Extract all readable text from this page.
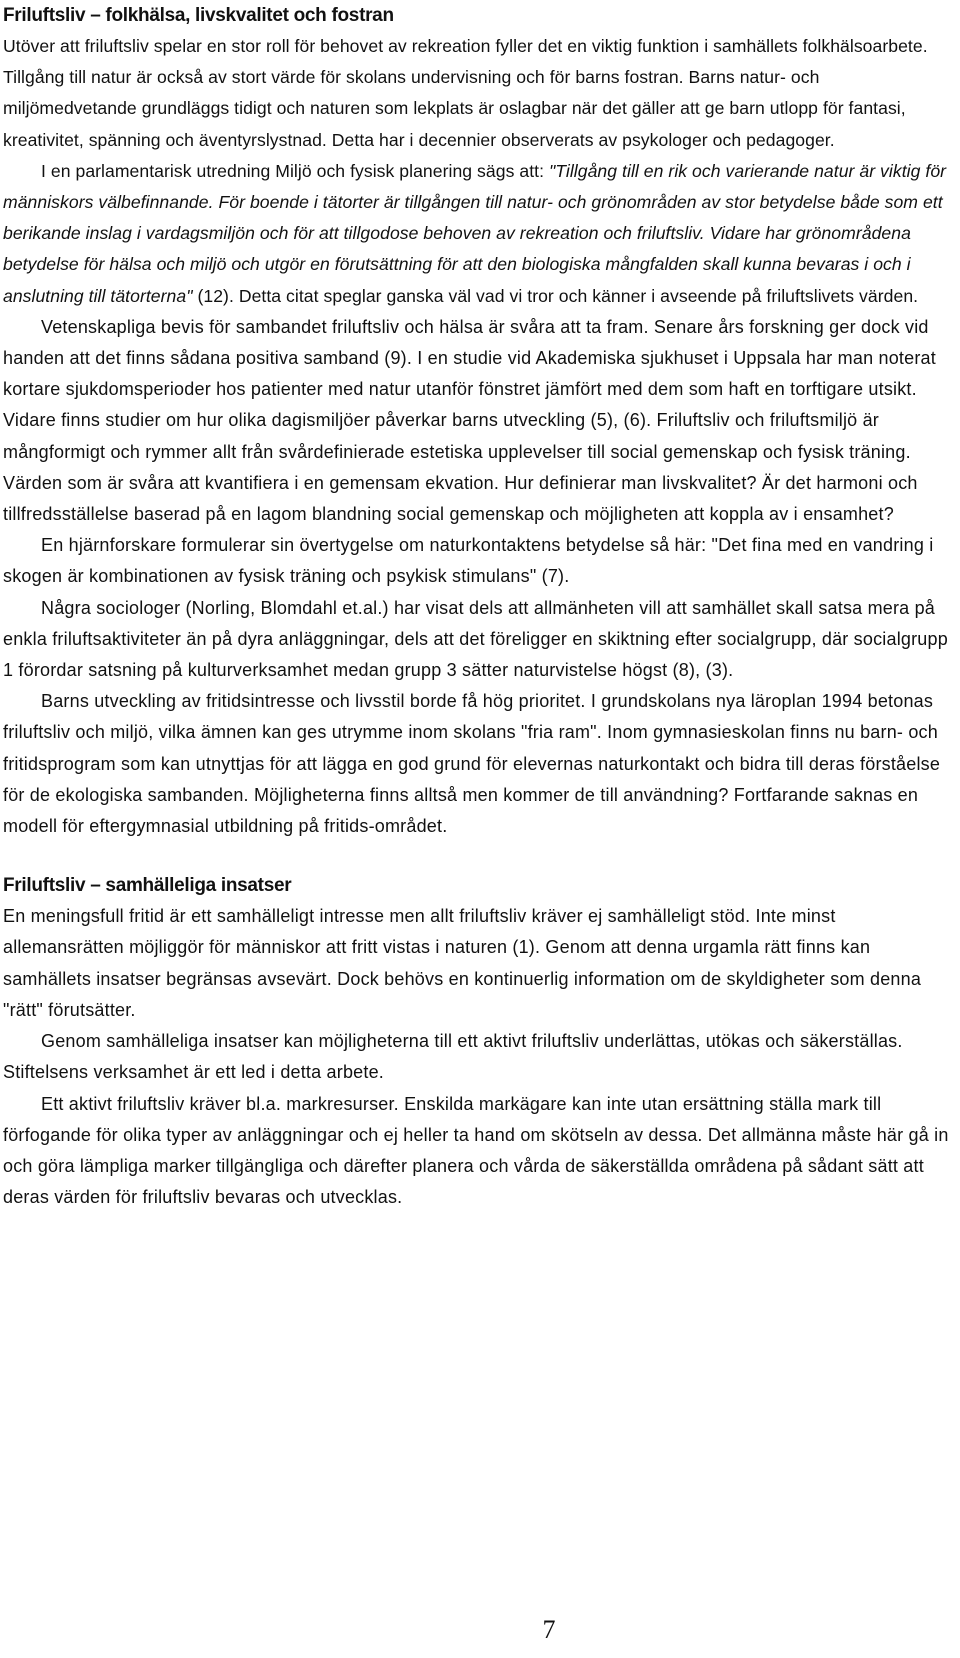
Friluftsliv – folkhälsa, livskvalitet och fostran

Utöver att friluftsliv spelar en stor roll för behovet av rekreation fyller det en viktig funktion i samhällets folkhälsoarbete. Tillgång till natur är också av stort värde för skolans undervisning och för barns fostran. Barns natur- och miljömedvetande grundläggs tidigt och naturen som lekplats är oslagbar när det gäller att ge barn utlopp för fantasi, kreativitet, spänning och äventyrslystnad. Detta har i decennier observerats av psykologer och pedagoger.

I en parlamentarisk utredning Miljö och fysisk planering sägs att: "Tillgång till en rik och varierande natur är viktig för människors välbefinnande. För boende i tätorter är tillgången till natur- och grönområden av stor betydelse både som ett berikande inslag i vardagsmiljön och för att tillgodose behoven av rekreation och friluftsliv. Vidare har grönområdena betydelse för hälsa och miljö och utgör en förutsättning för att den biologiska mångfalden skall kunna bevaras i och i anslutning till tätorterna" (12). Detta citat speglar ganska väl vad vi tror och känner i avseende på friluftslivets värden.

Vetenskapliga bevis för sambandet friluftsliv och hälsa är svåra att ta fram. Senare års forskning ger dock vid handen att det finns sådana positiva samband (9). I en studie vid Akademiska sjukhuset i Uppsala har man noterat kortare sjukdomsperioder hos patienter med natur utanför fönstret jämfört med dem som haft en torftigare utsikt. Vidare finns studier om hur olika dagismiljöer påverkar barns utveckling (5), (6). Friluftsliv och friluftsmiljö är mångformigt och rymmer allt från svårdefinierade estetiska upplevelser till social gemenskap och fysisk träning. Värden som är svåra att kvantifiera i en gemensam ekvation. Hur definierar man livskvalitet? Är det harmoni och tillfredsställelse baserad på en lagom blandning social gemenskap och möjligheten att koppla av i ensamhet?

En hjärnforskare formulerar sin övertygelse om naturkontaktens betydelse så här: "Det fina med en vandring i skogen är kombinationen av fysisk träning och psykisk stimulans" (7).

Några sociologer (Norling, Blomdahl et.al.) har visat dels att allmänheten vill att samhället skall satsa mera på enkla friluftsaktiviteter än på dyra anläggningar, dels att det föreligger en skiktning efter socialgrupp, där socialgrupp 1 förordar satsning på kulturverksamhet medan grupp 3 sätter naturvistelse högst (8), (3).

Barns utveckling av fritidsintresse och livsstil borde få hög prioritet. I grundskolans nya läroplan 1994 betonas friluftsliv och miljö, vilka ämnen kan ges utrymme inom skolans "fria ram". Inom gymnasieskolan finns nu barn- och fritidsprogram som kan utnyttjas för att lägga en god grund för elevernas naturkontakt och bidra till deras förståelse för de ekologiska sambanden. Möjligheterna finns alltså men kommer de till användning? Fortfarande saknas en modell för eftergymnasial utbildning på fritids-området.

Friluftsliv – samhälleliga insatser

En meningsfull fritid är ett samhälleligt intresse men allt friluftsliv kräver ej samhälleligt stöd. Inte minst allemansrätten möjliggör för människor att fritt vistas i naturen (1). Genom att denna urgamla rätt finns kan samhällets insatser begränsas avsevärt. Dock behövs en kontinuerlig information om de skyldigheter som denna "rätt" förutsätter.

Genom samhälleliga insatser kan möjligheterna till ett aktivt friluftsliv underlättas, utökas och säkerställas. Stiftelsens verksamhet är ett led i detta arbete.

Ett aktivt friluftsliv kräver bl.a. markresurser. Enskilda markägare kan inte utan ersättning ställa mark till förfogande för olika typer av anläggningar och ej heller ta hand om skötseln av dessa. Det allmänna måste här gå in och göra lämpliga marker tillgängliga och därefter planera och vårda de säkerställda områdena på sådant sätt att deras värden för friluftsliv bevaras och utvecklas.

7
